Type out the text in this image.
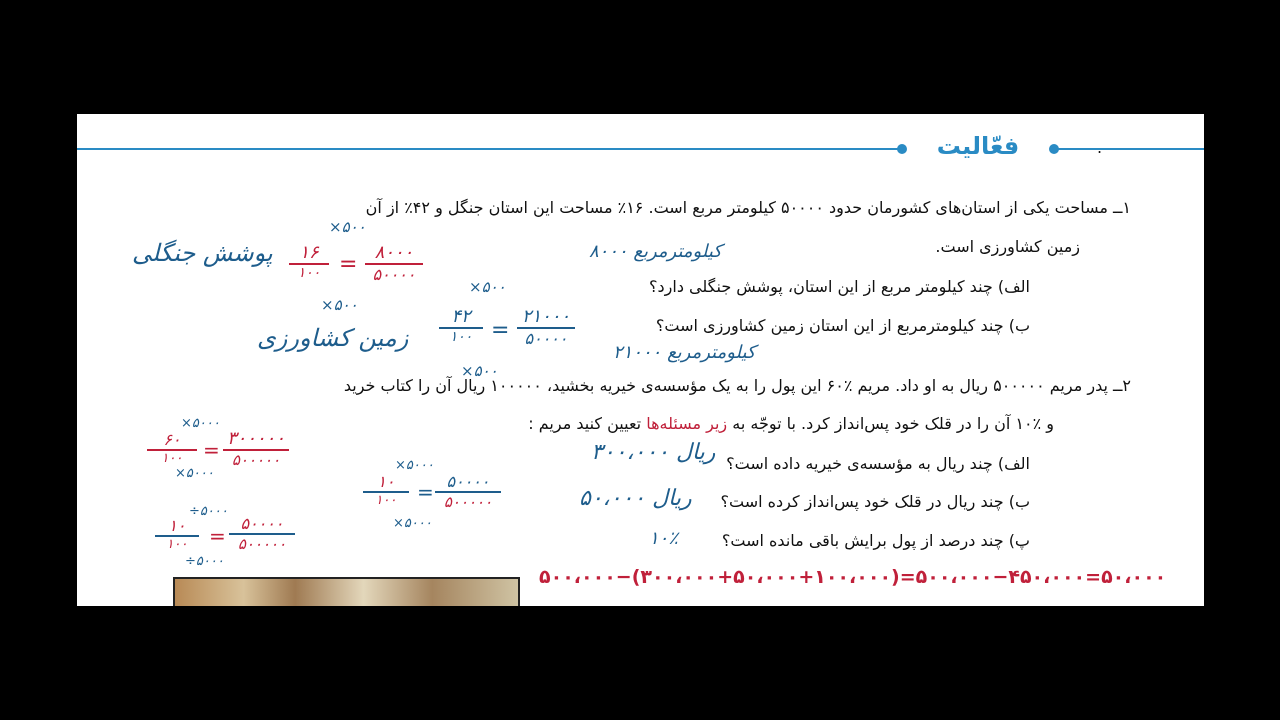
فعّالیت	.
۱ــ مساحت یکی از استان‌های کشورمان حدود ۵۰۰۰۰ کیلومتر مربع است. ۱۶٪ مساحت این استان جنگل و ۴۲٪ از آن
زمین کشاورزی است.
الف) چند کیلومتر مربع از این استان، پوشش جنگلی دارد؟
ب) چند کیلومترمربع از این استان زمین کشاورزی است؟
۲ــ پدر مریم ۵۰۰۰۰۰ ریال به او داد. مریم ٪۶۰ این پول را به یک مؤسسه‌ی خیریه بخشید، ۱۰۰۰۰۰ ریال آن را کتاب خرید
و ٪۱۰ آن را در قلک خود پس‌انداز کرد. با توجّه به زیر مسئله‌ها تعیین کنید مریم :
الف) چند ریال به مؤسسه‌ی خیریه داده است؟
ب) چند ریال در قلک خود پس‌انداز کرده است؟
پ) چند درصد از پول برایش باقی مانده است؟
پوشش جنگلی
×۵۰۰
۱۶
۱۰۰ = ۸۰۰۰
۵۰۰۰۰
×۵۰۰
کیلومترمربع ۸۰۰۰
زمین کشاورزی
×۵۰۰
۴۲
۱۰۰ =
۲۱۰۰۰
۵۰۰۰۰
×۵۰۰
کیلومترمربع ۲۱۰۰۰
×۵۰۰۰
۶۰
۱۰۰	= ۳۰۰۰۰۰
۵۰۰۰۰۰
×۵۰۰۰
ریال ۳۰۰،۰۰۰
×۵۰۰۰
۱۰
۱۰۰	= ۵۰۰۰۰
۵۰۰۰۰۰
×۵۰۰۰
ریال ۵۰،۰۰۰
÷۵۰۰۰
۱۰
۱۰۰	=
۵۰۰۰۰
۵۰۰۰۰۰
÷۵۰۰۰
۱۰٪
۵۰۰،۰۰۰−(۳۰۰،۰۰۰+۵۰،۰۰۰+۱۰۰،۰۰۰)=۵۰۰،۰۰۰−۴۵۰،۰۰۰=۵۰،۰۰۰
